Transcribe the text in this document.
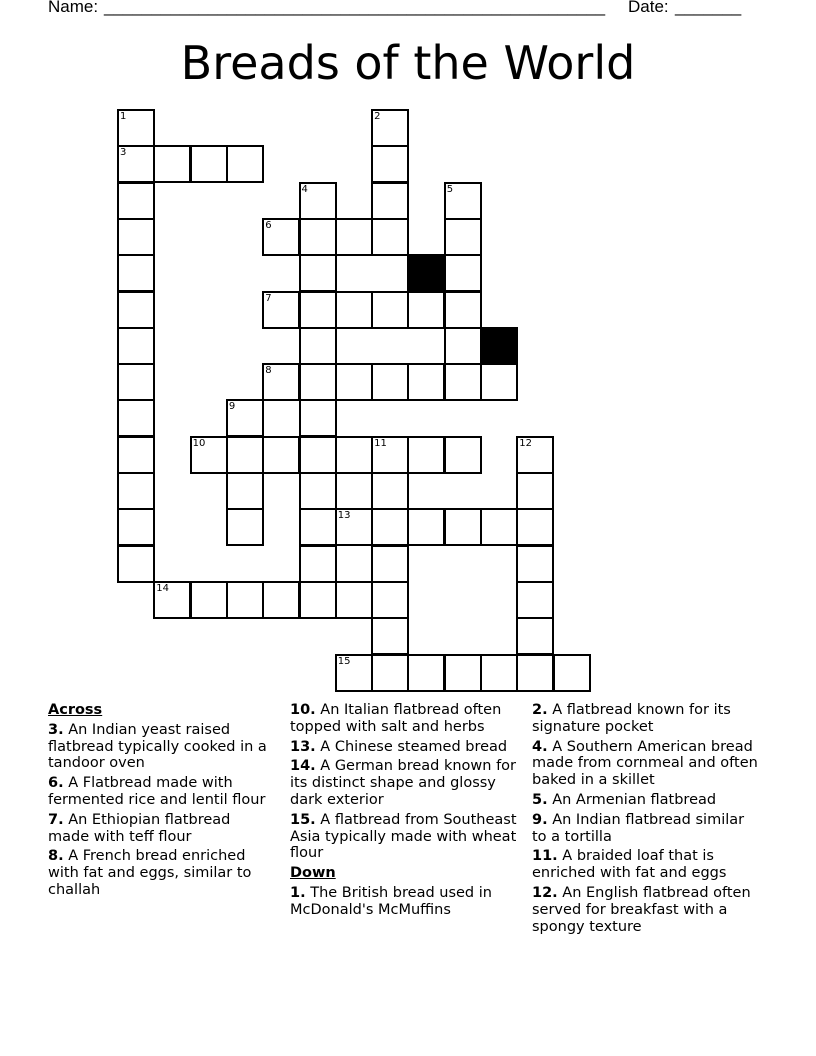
Name: _____________________________________________________ Date: _______
Breads of the World
1
3
2
4	5
6
7
8
9
10	11	12
13
14
15
Across
3. An Indian yeast raised flatbread typically cooked in a tandoor oven
6. A Flatbread made with fermented rice and lentil flour
7. An Ethiopian flatbread made with teff flour
8. A French bread enriched with fat and eggs, similar to challah
10. An Italian flatbread often topped with salt and herbs
13. A Chinese steamed bread
14. A German bread known for its distinct shape and glossy dark exterior
15. A flatbread from Southeast Asia typically made with wheat flour
Down
1. The British bread used in McDonald's McMuffins
2. A flatbread known for its signature pocket
4. A Southern American bread made from cornmeal and often baked in a skillet
5. An Armenian flatbread
9. An Indian flatbread similar to a tortilla
11. A braided loaf that is enriched with fat and eggs
12. An English flatbread often served for breakfast with a spongy texture
